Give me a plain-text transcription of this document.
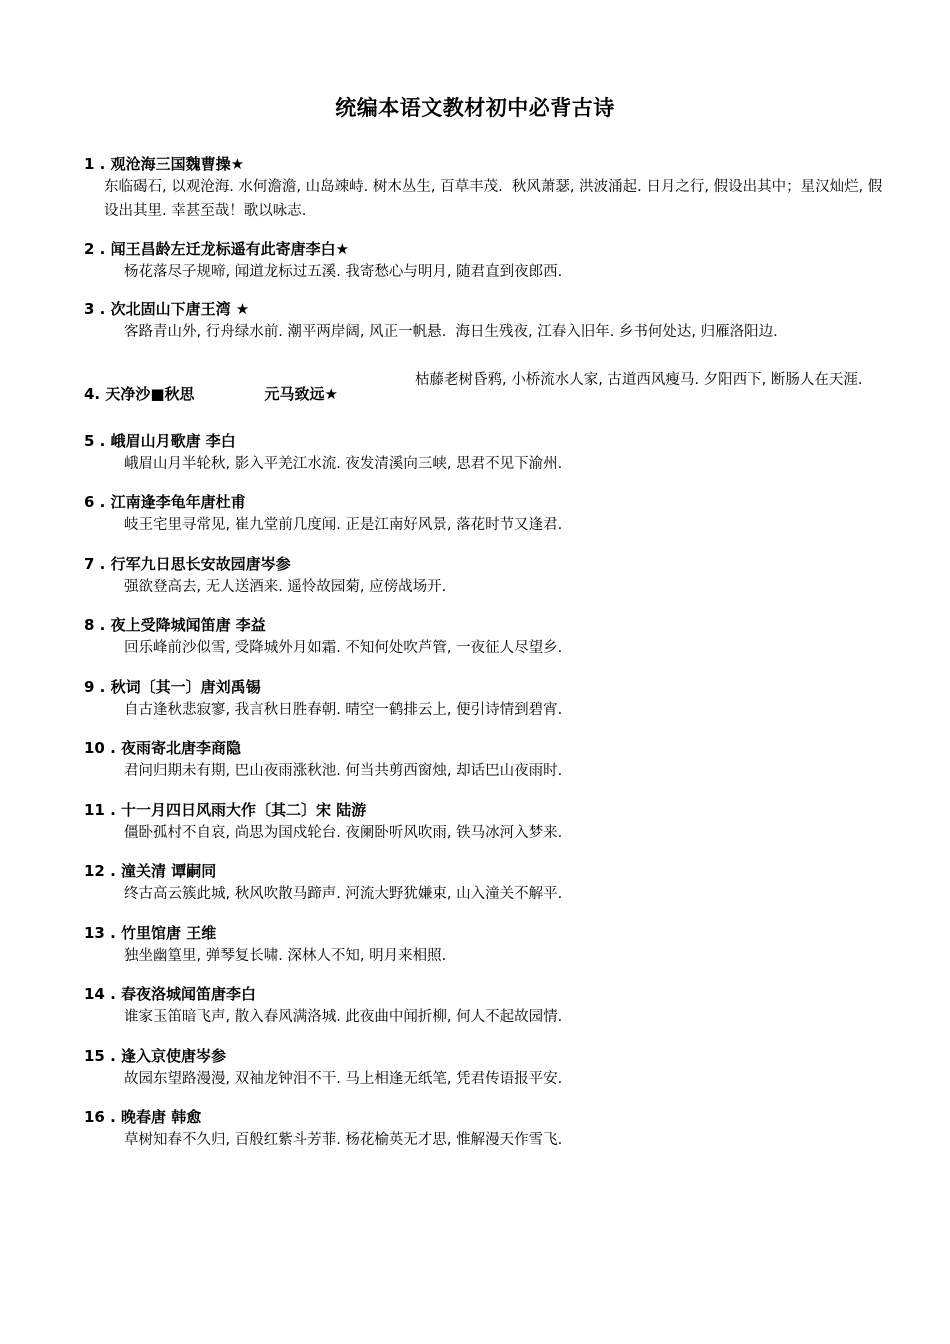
统编本语文教材初中必背古诗
1 . 观沧海三国魏曹操★
东临碣石, 以观沧海. 水何澹澹, 山岛竦峙. 树木丛生, 百草丰茂.  秋风萧瑟, 洪波涌起. 日月之行, 假设出其中；星汉灿烂, 假设出其里. 幸甚至哉！歌以咏志.
2 . 闻王昌龄左迁龙标遥有此寄唐李白★
杨花落尽子规啼, 闻道龙标过五溪. 我寄愁心与明月, 随君直到夜郎西.
3 . 次北固山下唐王湾 ★
客路青山外, 行舟绿水前. 潮平两岸阔, 风正一帆悬.  海日生残夜, 江春入旧年. 乡书何处达, 归雁洛阳边.
4. 天净沙■秋思	元马致远★
枯藤老树昏鸦, 小桥流水人家, 古道西风瘦马. 夕阳西下, 断肠人在天涯.
5 . 峨眉山月歌唐 李白
峨眉山月半轮秋, 影入平羌江水流. 夜发清溪向三峡, 思君不见下渝州.
6 . 江南逢李龟年唐杜甫
岐王宅里寻常见, 崔九堂前几度闻. 正是江南好风景, 落花时节又逢君.
7 . 行军九日思长安故园唐岑参
强欲登高去, 无人送酒来. 遥怜故园菊, 应傍战场开.
8 . 夜上受降城闻笛唐 李益
回乐峰前沙似雪, 受降城外月如霜. 不知何处吹芦管, 一夜征人尽望乡.
9 . 秋词〔其一〕唐刘禹锡
自古逢秋悲寂寥, 我言秋日胜春朝. 晴空一鹤排云上, 便引诗情到碧宵.
10 . 夜雨寄北唐李商隐
君问归期未有期, 巴山夜雨涨秋池. 何当共剪西窗烛, 却话巴山夜雨时.
11 . 十一月四日风雨大作〔其二〕宋 陆游
僵卧孤村不自哀, 尚思为国戍轮台. 夜阑卧听风吹雨, 铁马冰河入梦来.
12 . 潼关清 谭嗣同
终古高云簇此城, 秋风吹散马蹄声. 河流大野犹嫌束, 山入潼关不解平.
13 . 竹里馆唐 王维
独坐幽篁里, 弹琴复长啸. 深林人不知, 明月来相照.
14 . 春夜洛城闻笛唐李白
谁家玉笛暗飞声, 散入春风满洛城. 此夜曲中闻折柳, 何人不起故园情.
15 . 逢入京使唐岑参
故园东望路漫漫, 双袖龙钟泪不干. 马上相逢无纸笔, 凭君传语报平安.
16 . 晚春唐 韩愈
草树知春不久归, 百般红紫斗芳菲. 杨花榆英无才思, 惟解漫天作雪飞.
